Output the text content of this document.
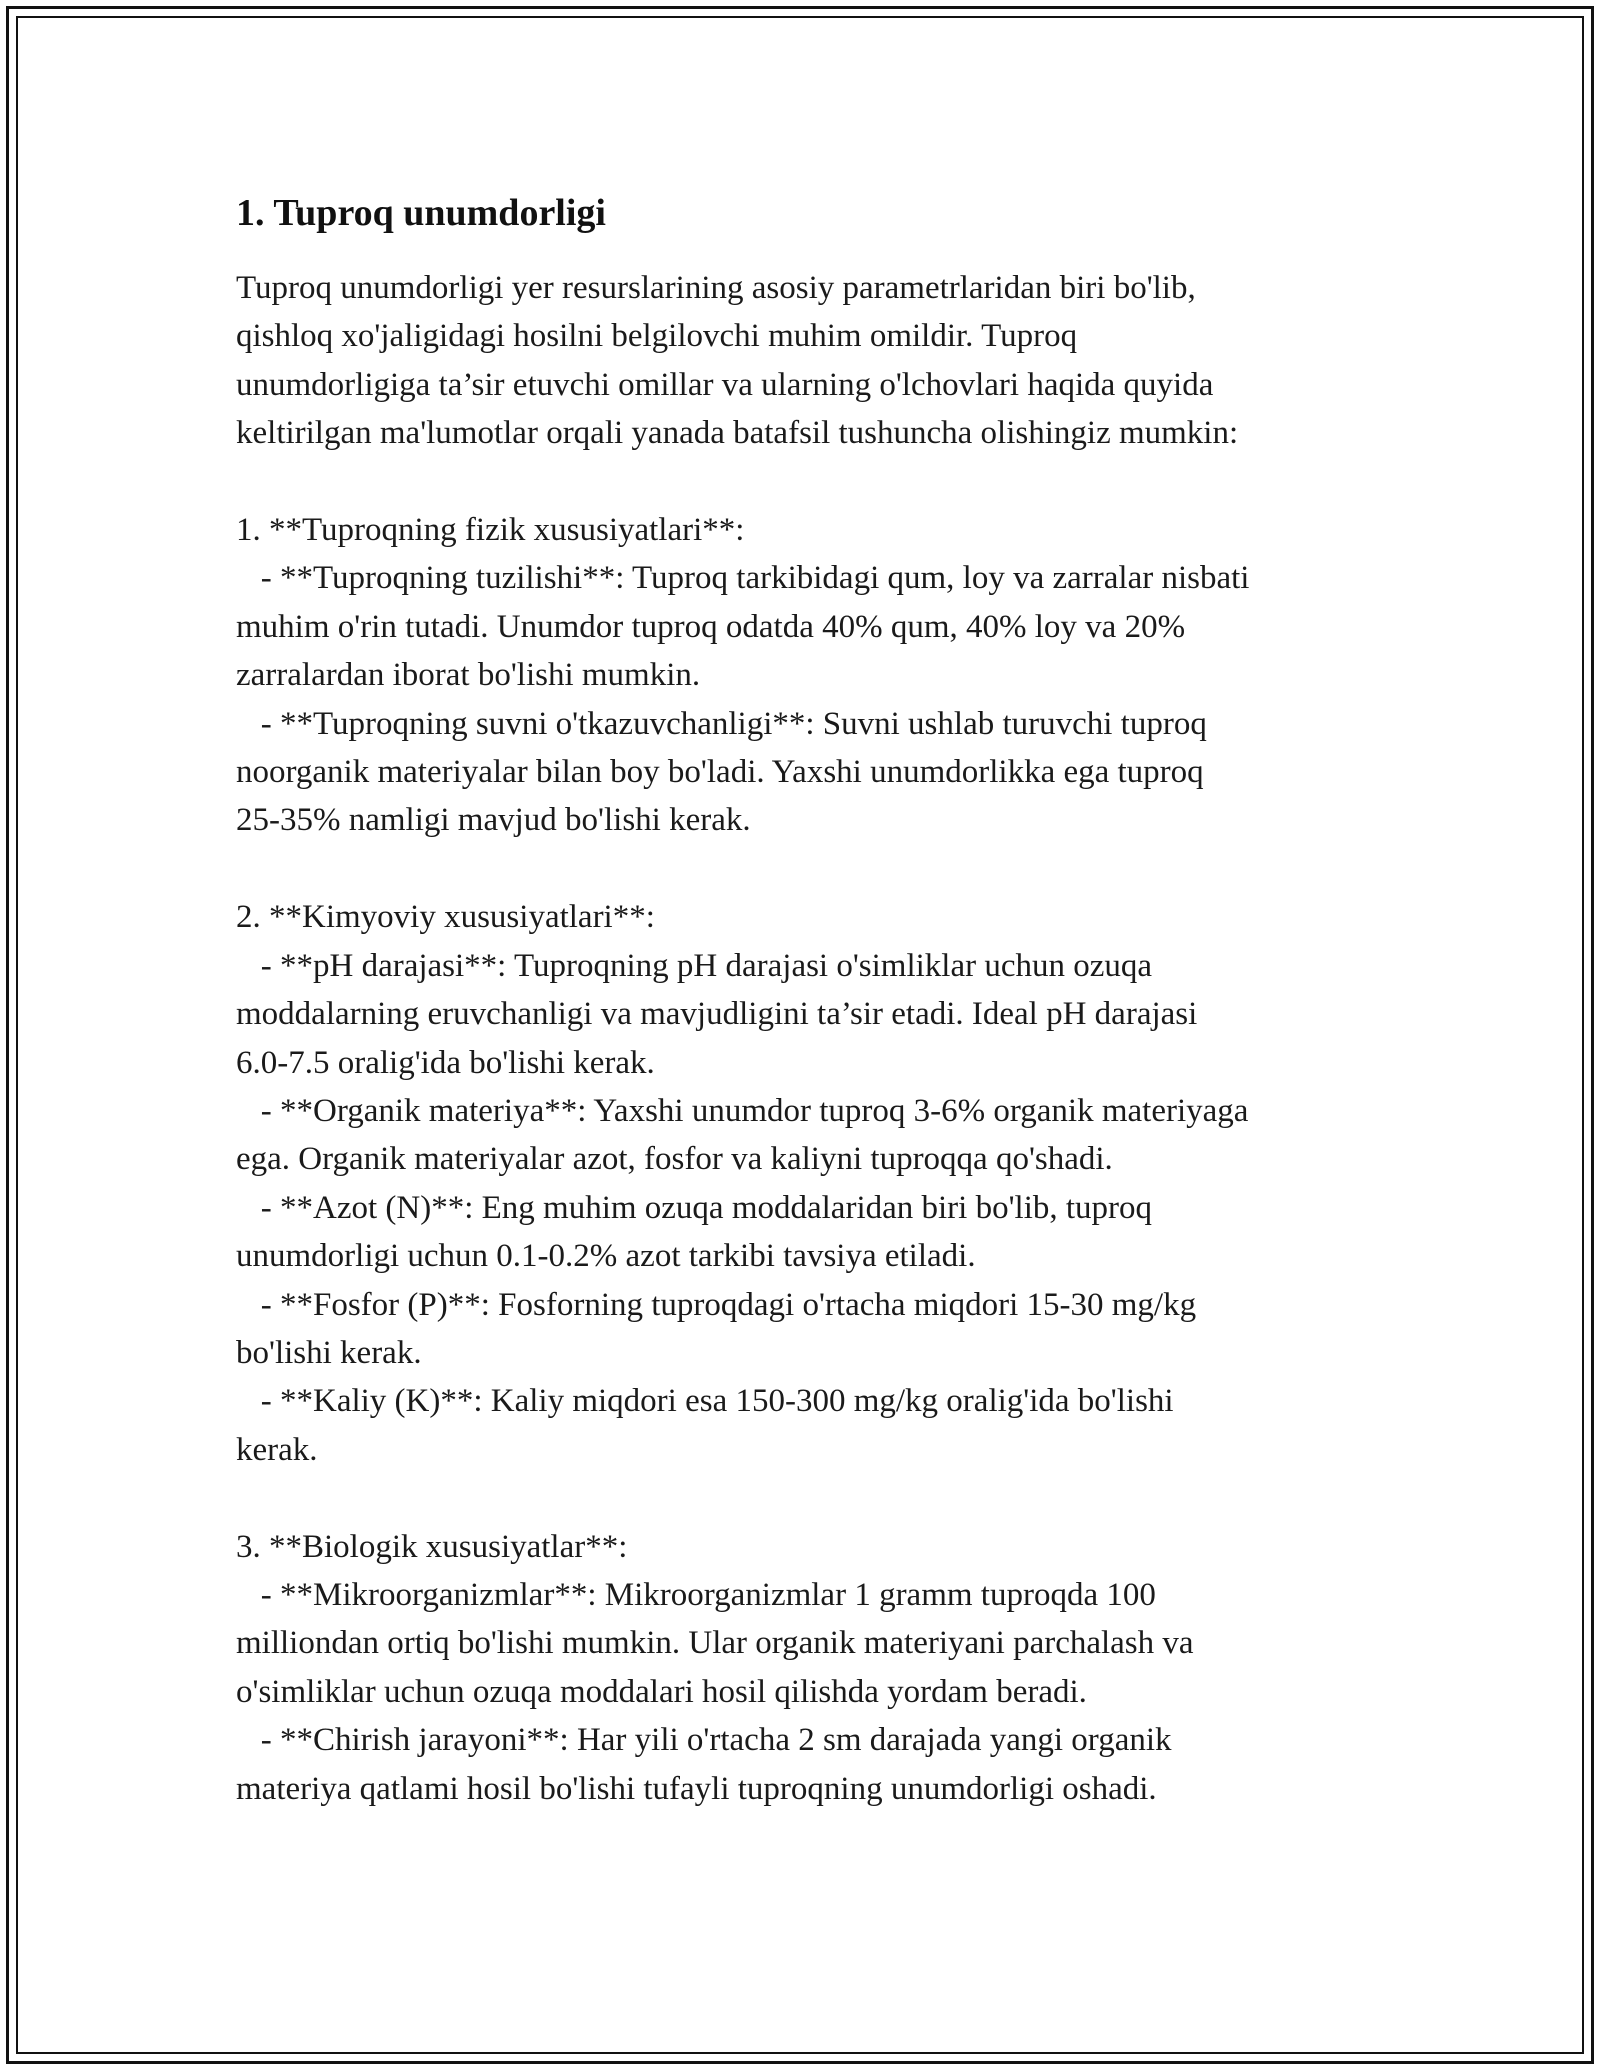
1. Tuproq unumdorligi

Tuproq unumdorligi yer resurslarining asosiy parametrlaridan biri bo'lib,
qishloq xo'jaligidagi hosilni belgilovchi muhim omildir. Tuproq
unumdorligiga ta’sir etuvchi omillar va ularning o'lchovlari haqida quyida
keltirilgan ma'lumotlar orqali yanada batafsil tushuncha olishingiz mumkin:

1. **Tuproqning fizik xususiyatlari**:
- **Tuproqning tuzilishi**: Tuproq tarkibidagi qum, loy va zarralar nisbati
muhim o'rin tutadi. Unumdor tuproq odatda 40% qum, 40% loy va 20%
zarralardan iborat bo'lishi mumkin.
- **Tuproqning suvni o'tkazuvchanligi**: Suvni ushlab turuvchi tuproq
noorganik materiyalar bilan boy bo'ladi. Yaxshi unumdorlikka ega tuproq
25-35% namligi mavjud bo'lishi kerak.

2. **Kimyoviy xususiyatlari**:
- **pH darajasi**: Tuproqning pH darajasi o'simliklar uchun ozuqa
moddalarning eruvchanligi va mavjudligini ta’sir etadi. Ideal pH darajasi
6.0-7.5 oralig'ida bo'lishi kerak.
- **Organik materiya**: Yaxshi unumdor tuproq 3-6% organik materiyaga
ega. Organik materiyalar azot, fosfor va kaliyni tuproqqa qo'shadi.
- **Azot (N)**: Eng muhim ozuqa moddalaridan biri bo'lib, tuproq
unumdorligi uchun 0.1-0.2% azot tarkibi tavsiya etiladi.
- **Fosfor (P)**: Fosforning tuproqdagi o'rtacha miqdori 15-30 mg/kg
bo'lishi kerak.
- **Kaliy (K)**: Kaliy miqdori esa 150-300 mg/kg oralig'ida bo'lishi
kerak.

3. **Biologik xususiyatlar**:
- **Mikroorganizmlar**: Mikroorganizmlar 1 gramm tuproqda 100
milliondan ortiq bo'lishi mumkin. Ular organik materiyani parchalash va
o'simliklar uchun ozuqa moddalari hosil qilishda yordam beradi.
- **Chirish jarayoni**: Har yili o'rtacha 2 sm darajada yangi organik
materiya qatlami hosil bo'lishi tufayli tuproqning unumdorligi oshadi.
